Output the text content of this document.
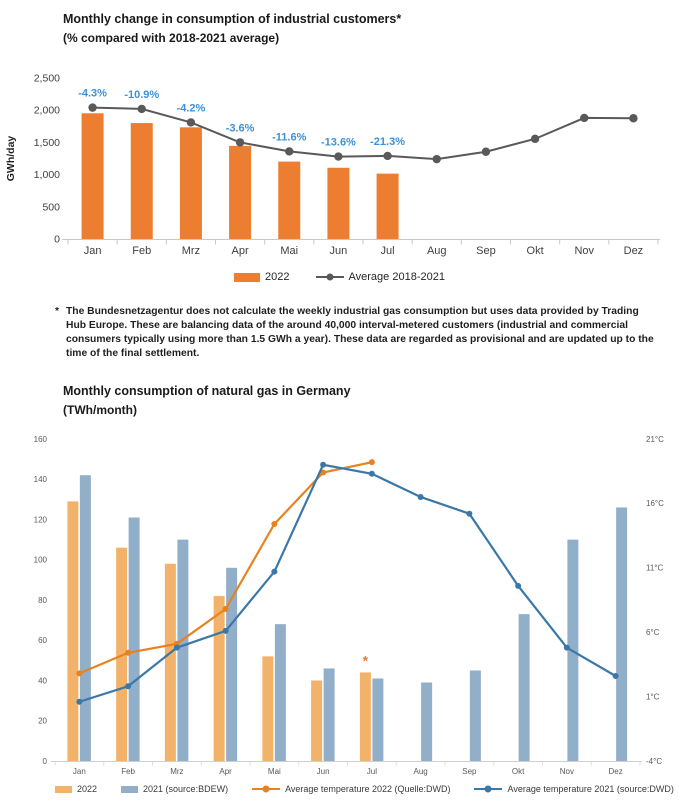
Monthly change in consumption of industrial customers*
(% compared with 2018-2021 average)
0
500
1,000
1,500
2,000
2,500
GWh/day
Jan	Feb	Mrz	Apr	Mai	Jun	Jul	Aug	Sep	Okt	Nov	Dez
-4.3% -10.9%
-4.2%
-3.6%
-11.6% -13.6% -21.3%
2022	Average 2018-2021
* The Bundesnetzagentur does not calculate the weekly industrial gas consumption but uses data provided by Trading Hub Europe. These are balancing data of the around 40,000 interval-metered customers (industrial and commercial consumers typically using more than 1.5 GWh a year). These data are regarded as provisional and are updated up to the time of the final settlement.
Monthly consumption of natural gas in Germany
(TWh/month)
0
20
40
60
80
100
120
140
160
-4°C
1°C
6°C
11°C
16°C
21°C
Jan	Feb	Mrz	Apr	Mai	Jun	Jul	Aug	Sep	Okt	Nov	Dez
*
2022	2021 (source:BDEW)	Average temperature 2022 (Quelle:DWD)	Average temperature 2021 (source:DWD)
